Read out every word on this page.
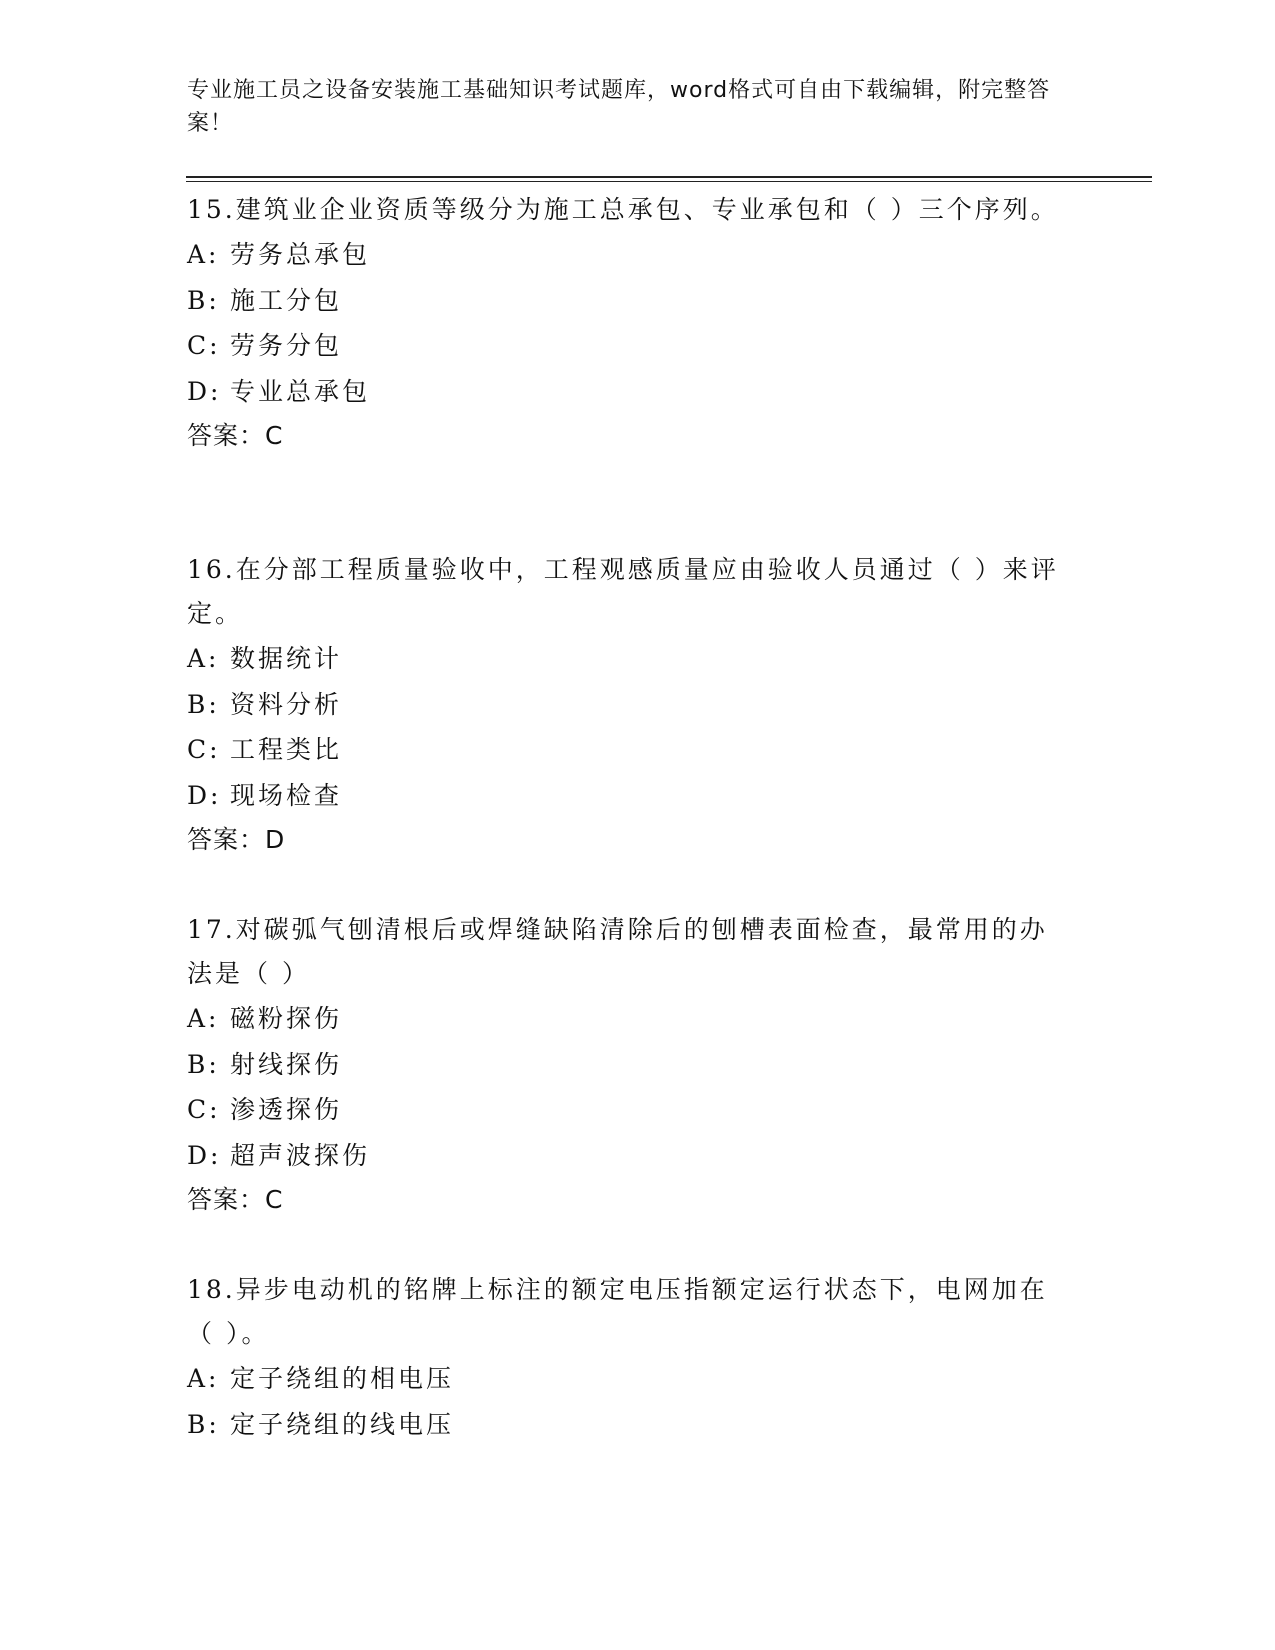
专业施工员之设备安装施工基础知识考试题库，word格式可自由下载编辑，附完整答案！

15.建筑业企业资质等级分为施工总承包、专业承包和（ ）三个序列。

A: 劳务总承包

B: 施工分包

C: 劳务分包

D: 专业总承包

答案：C

16.在分部工程质量验收中，工程观感质量应由验收人员通过（ ）来评定。

A: 数据统计

B: 资料分析

C: 工程类比

D: 现场检查

答案：D

17.对碳弧气刨清根后或焊缝缺陷清除后的刨槽表面检查，最常用的办法是（ ）

A: 磁粉探伤

B: 射线探伤

C: 渗透探伤

D: 超声波探伤

答案：C

18.异步电动机的铭牌上标注的额定电压指额定运行状态下，电网加在（ ）。

A: 定子绕组的相电压

B: 定子绕组的线电压
